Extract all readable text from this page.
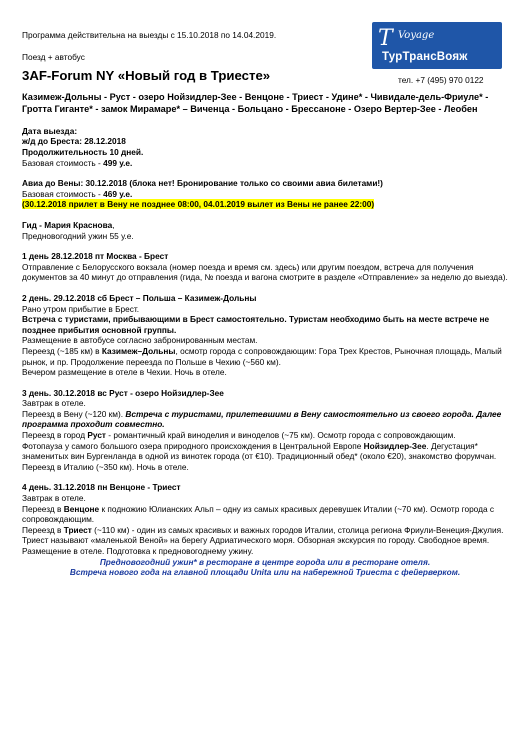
Программа действительна на выезды с 15.10.2018 по 14.04.2019.
Поезд + автобус
3AF-Forum NY «Новый год в Триесте»
T Voyage
ТурТрансВояж
тел. +7 (495) 970 0122

Казимеж-Дольны - Руст - озеро Нойзидлер-Зее - Венцоне - Триест - Удине* - Чивидале-дель-Фриуле* - Гротта Гиганте* - замок Мирамаре* – Виченца - Больцано - Брессаноне - Озеро Вертер-Зее - Леобен

Дата выезда:

ж/д до Бреста: 28.12.2018

Продолжительность 10 дней.

Базовая стоимость - 499 у.е.

Авиа до Вены: 30.12.2018 (блока нет! Бронирование только со своими авиа билетами!)

Базовая стоимость - 469 у.е.

(30.12.2018 прилет в Вену не позднее 08:00, 04.01.2019 вылет из Вены не ранее 22:00)

Гид - Мария Краснова,

Предновогодний ужин 55 у.е.

1 день 28.12.2018 пт Москва - Брест

Отправление с Белорусского вокзала (номер поезда и время см. здесь) или другим поездом, встреча для получения документов за 40 минут до отправления (гида, № поезда и вагона смотрите в разделе «Отправление» за неделю до выезда).

2 день. 29.12.2018 сб Брест – Польша – Казимеж-Дольны

Рано утром прибытие в Брест.

Встреча с туристами, прибывающими в Брест самостоятельно. Туристам необходимо быть на месте встрече не позднее прибытия основной группы.

Размещение в автобусе согласно забронированным местам.

Переезд (~185 км) в Казимеж–Дольны, осмотр города с сопровождающим: Гора Трех Крестов, Рыночная площадь, Малый рынок, и пр. Продолжение переезда по Польше в Чехию (~560 км).

Вечером размещение в отеле в Чехии. Ночь в отеле.

3 день. 30.12.2018 вс Руст - озеро Нойзидлер-Зее

Завтрак в отеле.

Переезд в Вену (~120 км). Встреча с туристами, прилетевшими в Вену самостоятельно из своего города. Далее программа проходит совместно.

Переезд в город Руст - романтичный край виноделия и виноделов (~75 км). Осмотр города с сопровождающим.

Фотопауза у самого большого озера природного происхождения в Центральной Европе Нойзидлер-Зее. Дегустация* знаменитых вин Бургенланда в одной из винотек города (от €10). Традиционный обед* (около €20), знакомство форумчан.

Переезд в Италию (~350 км). Ночь в отеле.

4 день. 31.12.2018 пн Венцоне - Триест

Завтрак в отеле.

Переезд в Венцоне к подножию Юлианских Альп – одну из самых красивых деревушек Италии (~70 км). Осмотр города с сопровождающим.

Переезд в Триест (~110 км) - один из самых красивых и важных городов Италии, столица региона Фриули-Венеция-Джулия. Триест называют «маленькой Веной» на берегу Адриатического моря. Обзорная экскурсия по городу. Свободное время.

Размещение в отеле. Подготовка к предновогоднему ужину.

Предновогодний ужин* в ресторане в центре города или в ресторане отеля.

Встреча нового года на главной площади Unita или на набережной Триеста с фейерверком.
